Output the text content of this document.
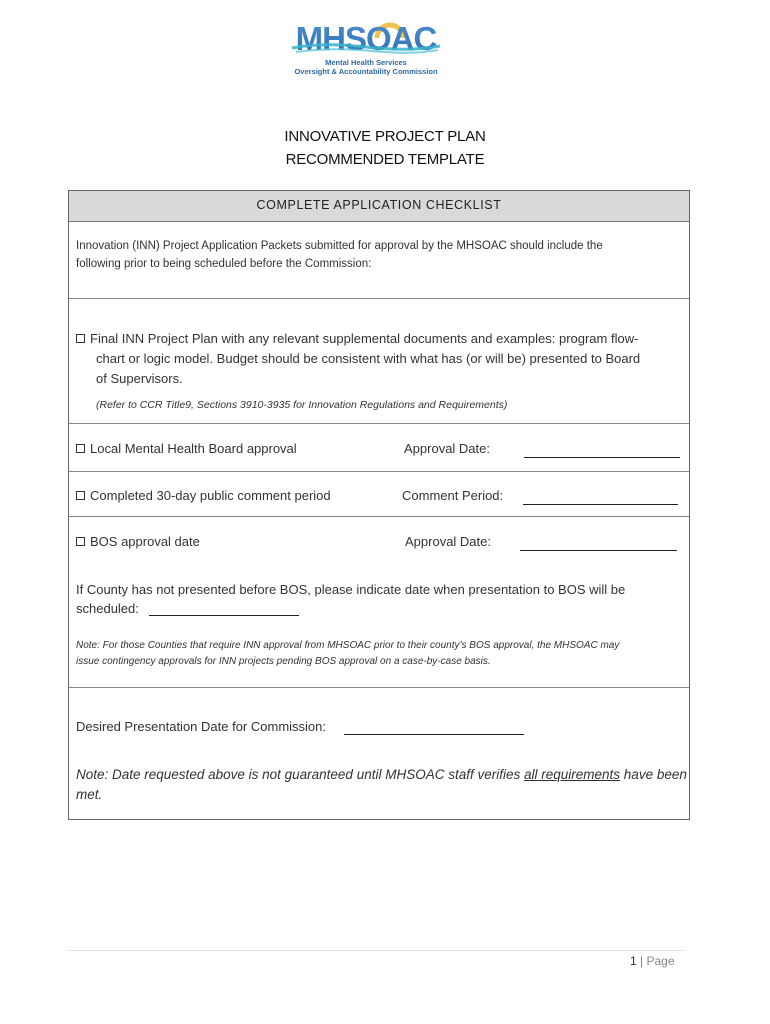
MHSOAC
Mental Health Services
Oversight & Accountability Commission
INNOVATIVE PROJECT PLAN
RECOMMENDED TEMPLATE
COMPLETE APPLICATION CHECKLIST
Innovation (INN) Project Application Packets submitted for approval by the MHSOAC should include the
following prior to being scheduled before the Commission:
Final INN Project Plan with any relevant supplemental documents and examples: program flow-
chart or logic model. Budget should be consistent with what has (or will be) presented to Board
of Supervisors.
(Refer to CCR Title9, Sections 3910-3935 for Innovation Regulations and Requirements)
Local Mental Health Board approval	Approval Date:
Completed 30-day public comment period	Comment Period:
BOS approval date	Approval Date:
If County has not presented before BOS, please indicate date when presentation to BOS will be
scheduled:
Note: For those Counties that require INN approval from MHSOAC prior to their county’s BOS approval, the MHSOAC may
issue contingency approvals for INN projects pending BOS approval on a case-by-case basis.
Desired Presentation Date for Commission:
Note: Date requested above is not guaranteed until MHSOAC staff verifies all requirements have been
met.
1 | Page
